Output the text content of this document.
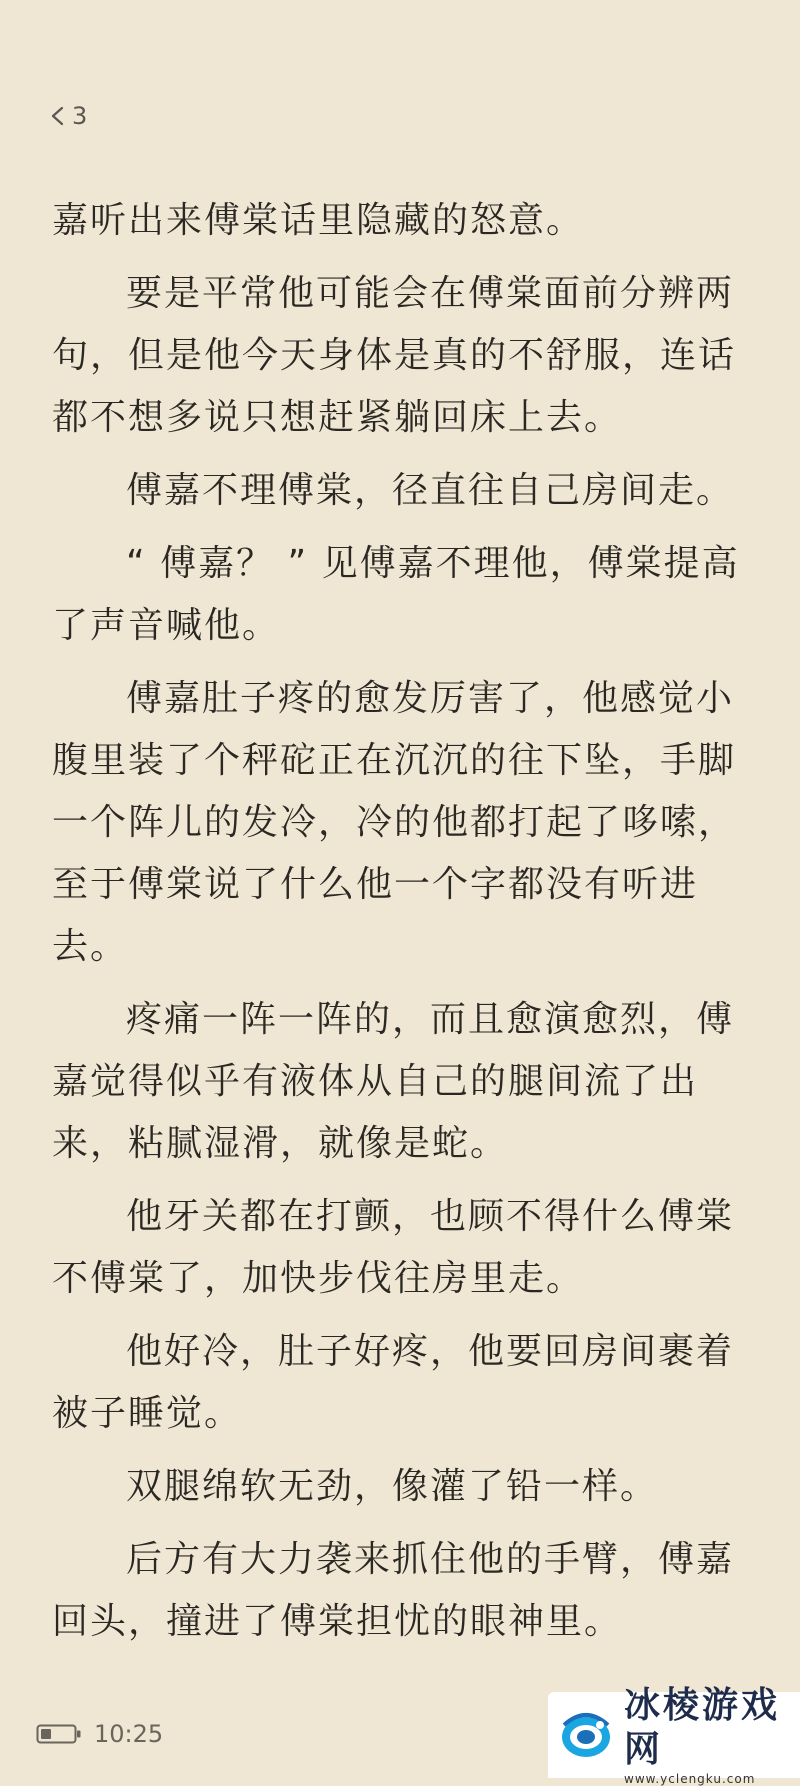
3

嘉听出来傅棠话里隐藏的怒意。

要是平常他可能会在傅棠面前分辨两句，但是他今天身体是真的不舒服，连话都不想多说只想赶紧躺回床上去。

傅嘉不理傅棠，径直往自己房间走。

“ 傅嘉？ ” 见傅嘉不理他，傅棠提高了声音喊他。

傅嘉肚子疼的愈发厉害了，他感觉小腹里装了个秤砣正在沉沉的往下坠，手脚一个阵儿的发冷，冷的他都打起了哆嗦，至于傅棠说了什么他一个字都没有听进去。

疼痛一阵一阵的，而且愈演愈烈，傅嘉觉得似乎有液体从自己的腿间流了出来，粘腻湿滑，就像是蛇。

他牙关都在打颤，也顾不得什么傅棠不傅棠了，加快步伐往房里走。

他好冷，肚子好疼，他要回房间裹着被子睡觉。

双腿绵软无劲，像灌了铅一样。

后方有大力袭来抓住他的手臂，傅嘉回头，撞进了傅棠担忧的眼神里。

10:25
冰棱游戏网
www.yclengku.com
